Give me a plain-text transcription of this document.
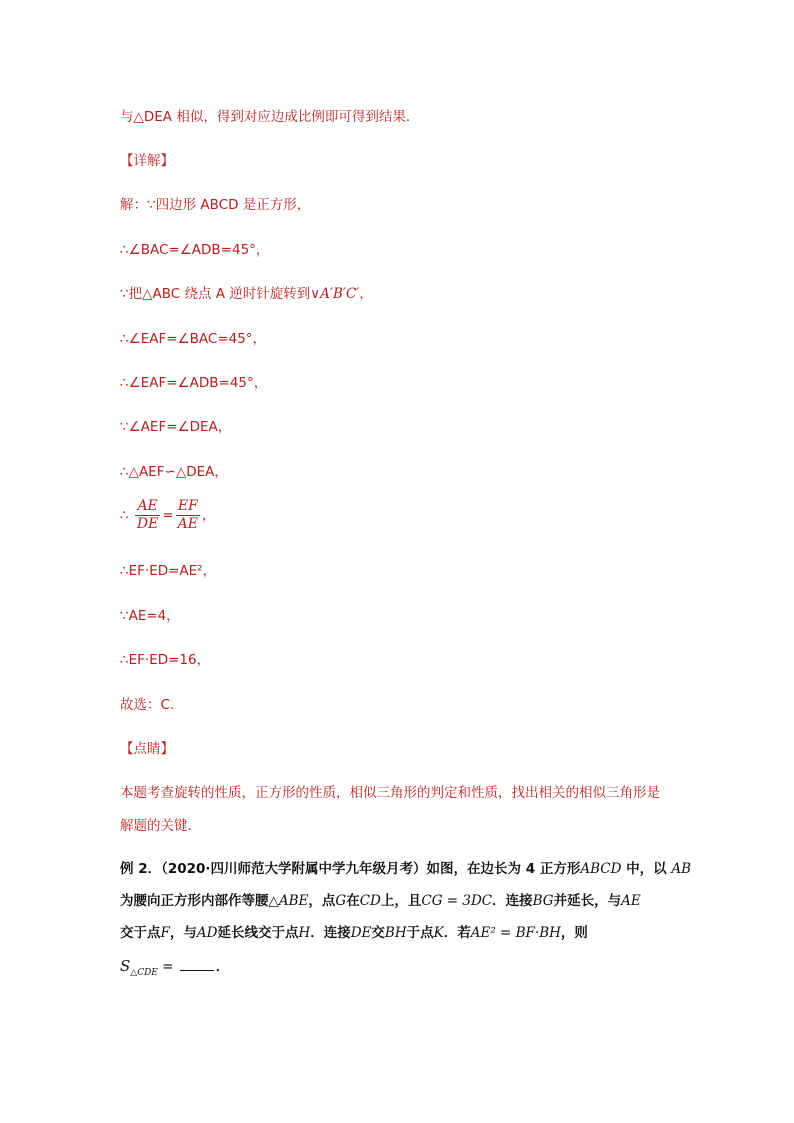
与△DEA 相似，得到对应边成比例即可得到结果．
【详解】
解：∵四边形 ABCD 是正方形，
∴∠BAC=∠ADB=45°，
∵把△ABC 绕点 A 逆时针旋转到∨A′B′C′，
∴∠EAF=∠BAC=45°，
∴∠EAF=∠ADB=45°，
∵∠AEF=∠DEA，
∴△AEF∽△DEA，
∴ $\frac{AE}{DE} = \frac{EF}{AE}$ ，
∴EF·ED=AE²，
∵AE=4，
∴EF·ED=16，
故选：C.
【点睛】
本题考查旋转的性质，正方形的性质，相似三角形的判定和性质，找出相关的相似三角形是
解题的关键．
例 2．（2020·四川师范大学附属中学九年级月考）如图，在边长为 4 正方形ABCD 中，以 AB
为腰向正方形内部作等腰△ABE，点G在CD上，且CG = 3DC．连接BG并延长，与AE
交于点F，与AD延长线交于点H．连接DE交BH于点K．若AE² = BF·BH，则
$S_{\triangle CDE}$ =	．
